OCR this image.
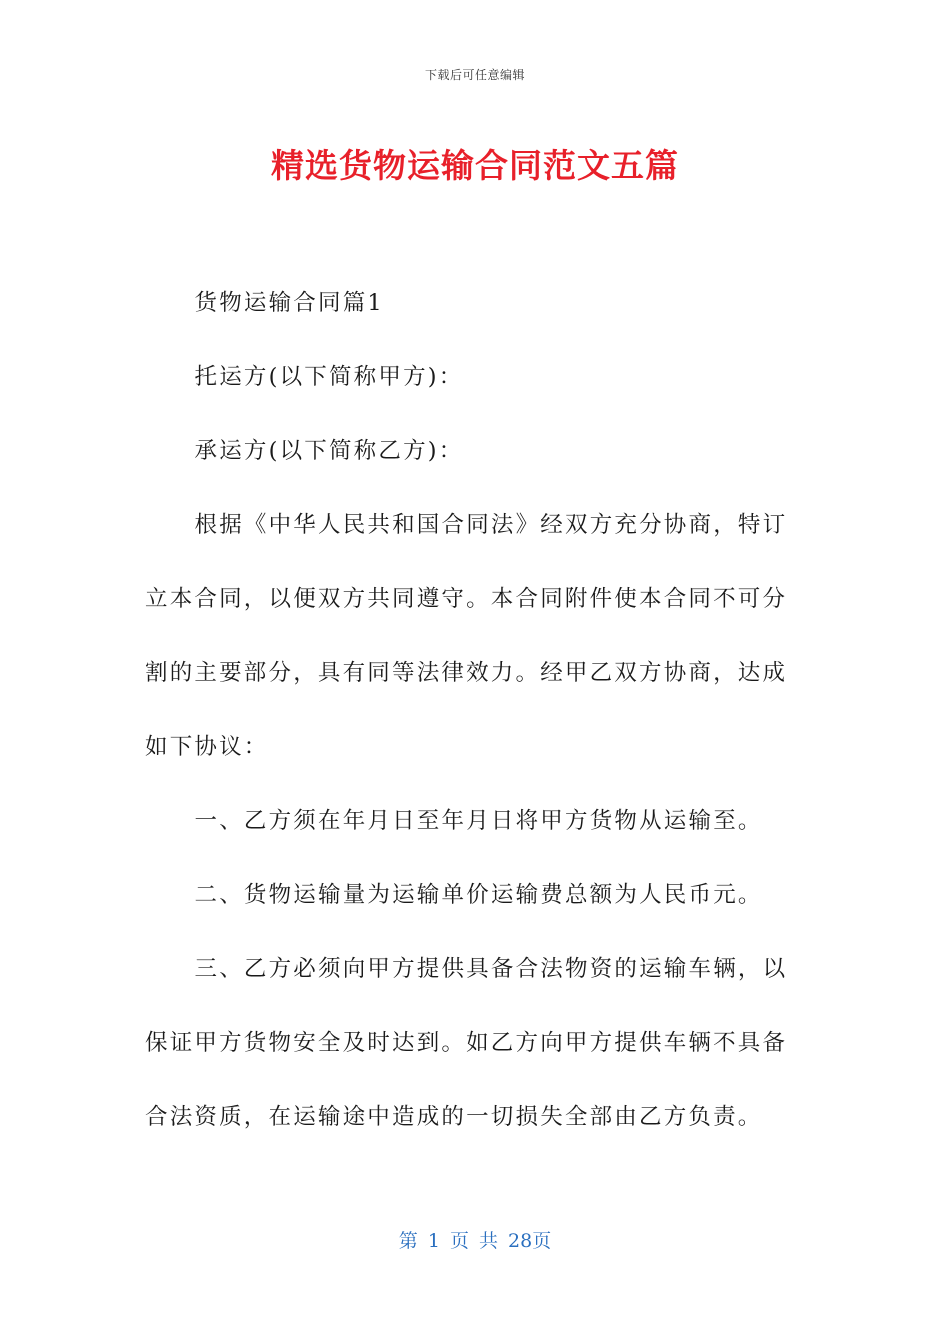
下载后可任意编辑
精选货物运输合同范文五篇

货物运输合同篇1

托运方(以下简称甲方)：

承运方(以下简称乙方)：

根据《中华人民共和国合同法》经双方充分协商，特订立本合同，以便双方共同遵守。本合同附件使本合同不可分割的主要部分，具有同等法律效力。经甲乙双方协商，达成如下协议：

一、乙方须在年月日至年月日将甲方货物从运输至。

二、货物运输量为运输单价运输费总额为人民币元。

三、乙方必须向甲方提供具备合法物资的运输车辆，以保证甲方货物安全及时达到。如乙方向甲方提供车辆不具备合法资质，在运输途中造成的一切损失全部由乙方负责。

第 1 页 共 28页
